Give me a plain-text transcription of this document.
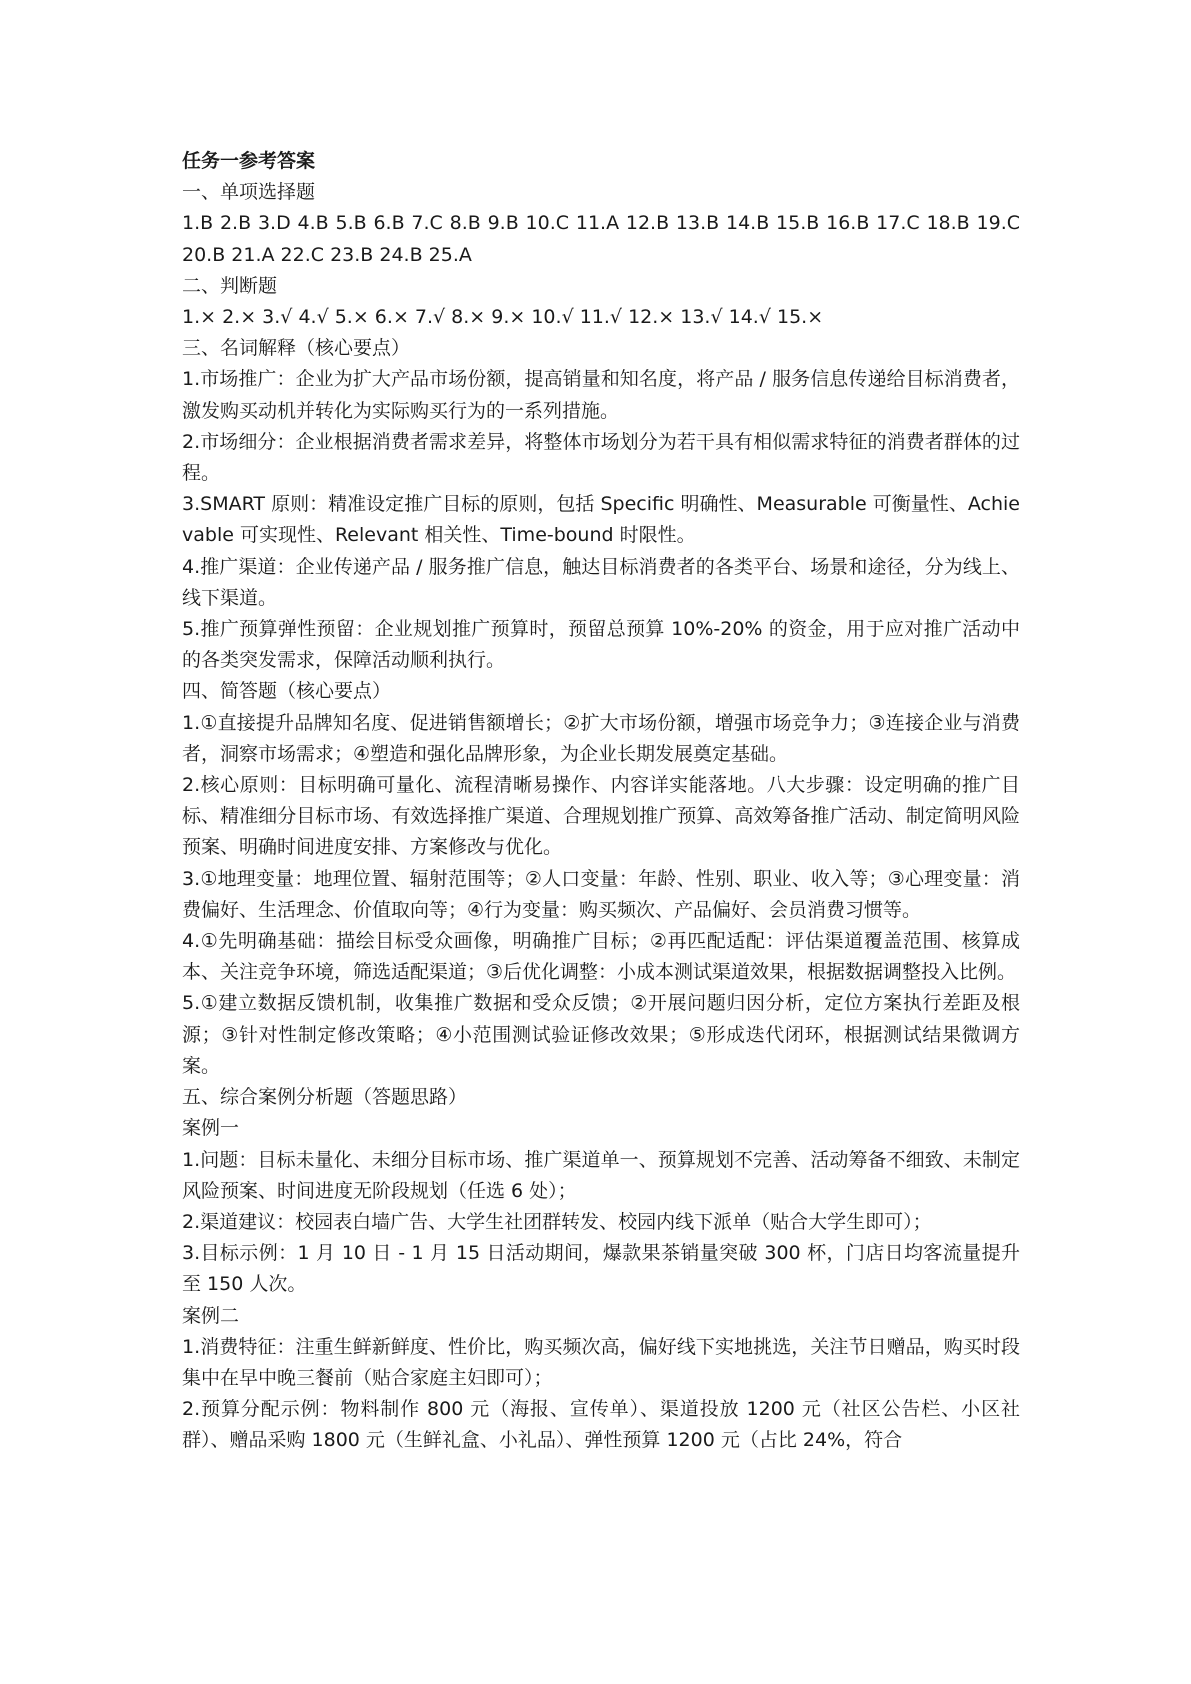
任务一参考答案

一、单项选择题

1.B 2.B 3.D 4.B 5.B 6.B 7.C 8.B 9.B 10.C 11.A 12.B 13.B 14.B 15.B 16.B 17.C 18.B 19.C 20.B 21.A 22.C 23.B 24.B 25.A

二、判断题

1.× 2.× 3.√ 4.√ 5.× 6.× 7.√ 8.× 9.× 10.√ 11.√ 12.× 13.√ 14.√ 15.×

三、名词解释（核心要点）

1.市场推广：企业为扩大产品市场份额，提高销量和知名度，将产品 / 服务信息传递给目标消费者，激发购买动机并转化为实际购买行为的一系列措施。

2.市场细分：企业根据消费者需求差异，将整体市场划分为若干具有相似需求特征的消费者群体的过程。

3.SMART 原则：精准设定推广目标的原则，包括 Specific 明确性、Measurable 可衡量性、Achievable 可实现性、Relevant 相关性、Time-bound 时限性。

4.推广渠道：企业传递产品 / 服务推广信息，触达目标消费者的各类平台、场景和途径，分为线上、线下渠道。

5.推广预算弹性预留：企业规划推广预算时，预留总预算 10%-20% 的资金，用于应对推广活动中的各类突发需求，保障活动顺利执行。

四、简答题（核心要点）

1.①直接提升品牌知名度、促进销售额增长；②扩大市场份额，增强市场竞争力；③连接企业与消费者，洞察市场需求；④塑造和强化品牌形象，为企业长期发展奠定基础。

2.核心原则：目标明确可量化、流程清晰易操作、内容详实能落地。八大步骤：设定明确的推广目标、精准细分目标市场、有效选择推广渠道、合理规划推广预算、高效筹备推广活动、制定简明风险预案、明确时间进度安排、方案修改与优化。

3.①地理变量：地理位置、辐射范围等；②人口变量：年龄、性别、职业、收入等；③心理变量：消费偏好、生活理念、价值取向等；④行为变量：购买频次、产品偏好、会员消费习惯等。

4.①先明确基础：描绘目标受众画像，明确推广目标；②再匹配适配：评估渠道覆盖范围、核算成本、关注竞争环境，筛选适配渠道；③后优化调整：小成本测试渠道效果，根据数据调整投入比例。

5.①建立数据反馈机制，收集推广数据和受众反馈；②开展问题归因分析，定位方案执行差距及根源；③针对性制定修改策略；④小范围测试验证修改效果；⑤形成迭代闭环，根据测试结果微调方案。

五、综合案例分析题（答题思路）

案例一

1.问题：目标未量化、未细分目标市场、推广渠道单一、预算规划不完善、活动筹备不细致、未制定风险预案、时间进度无阶段规划（任选 6 处）；

2.渠道建议：校园表白墙广告、大学生社团群转发、校园内线下派单（贴合大学生即可）；

3.目标示例：1 月 10 日 - 1 月 15 日活动期间，爆款果茶销量突破 300 杯，门店日均客流量提升至 150 人次。

案例二

1.消费特征：注重生鲜新鲜度、性价比，购买频次高，偏好线下实地挑选，关注节日赠品，购买时段集中在早中晚三餐前（贴合家庭主妇即可）；

2.预算分配示例：物料制作 800 元（海报、宣传单）、渠道投放 1200 元（社区公告栏、小区社群）、赠品采购 1800 元（生鲜礼盒、小礼品）、弹性预算 1200 元（占比 24%，符合
